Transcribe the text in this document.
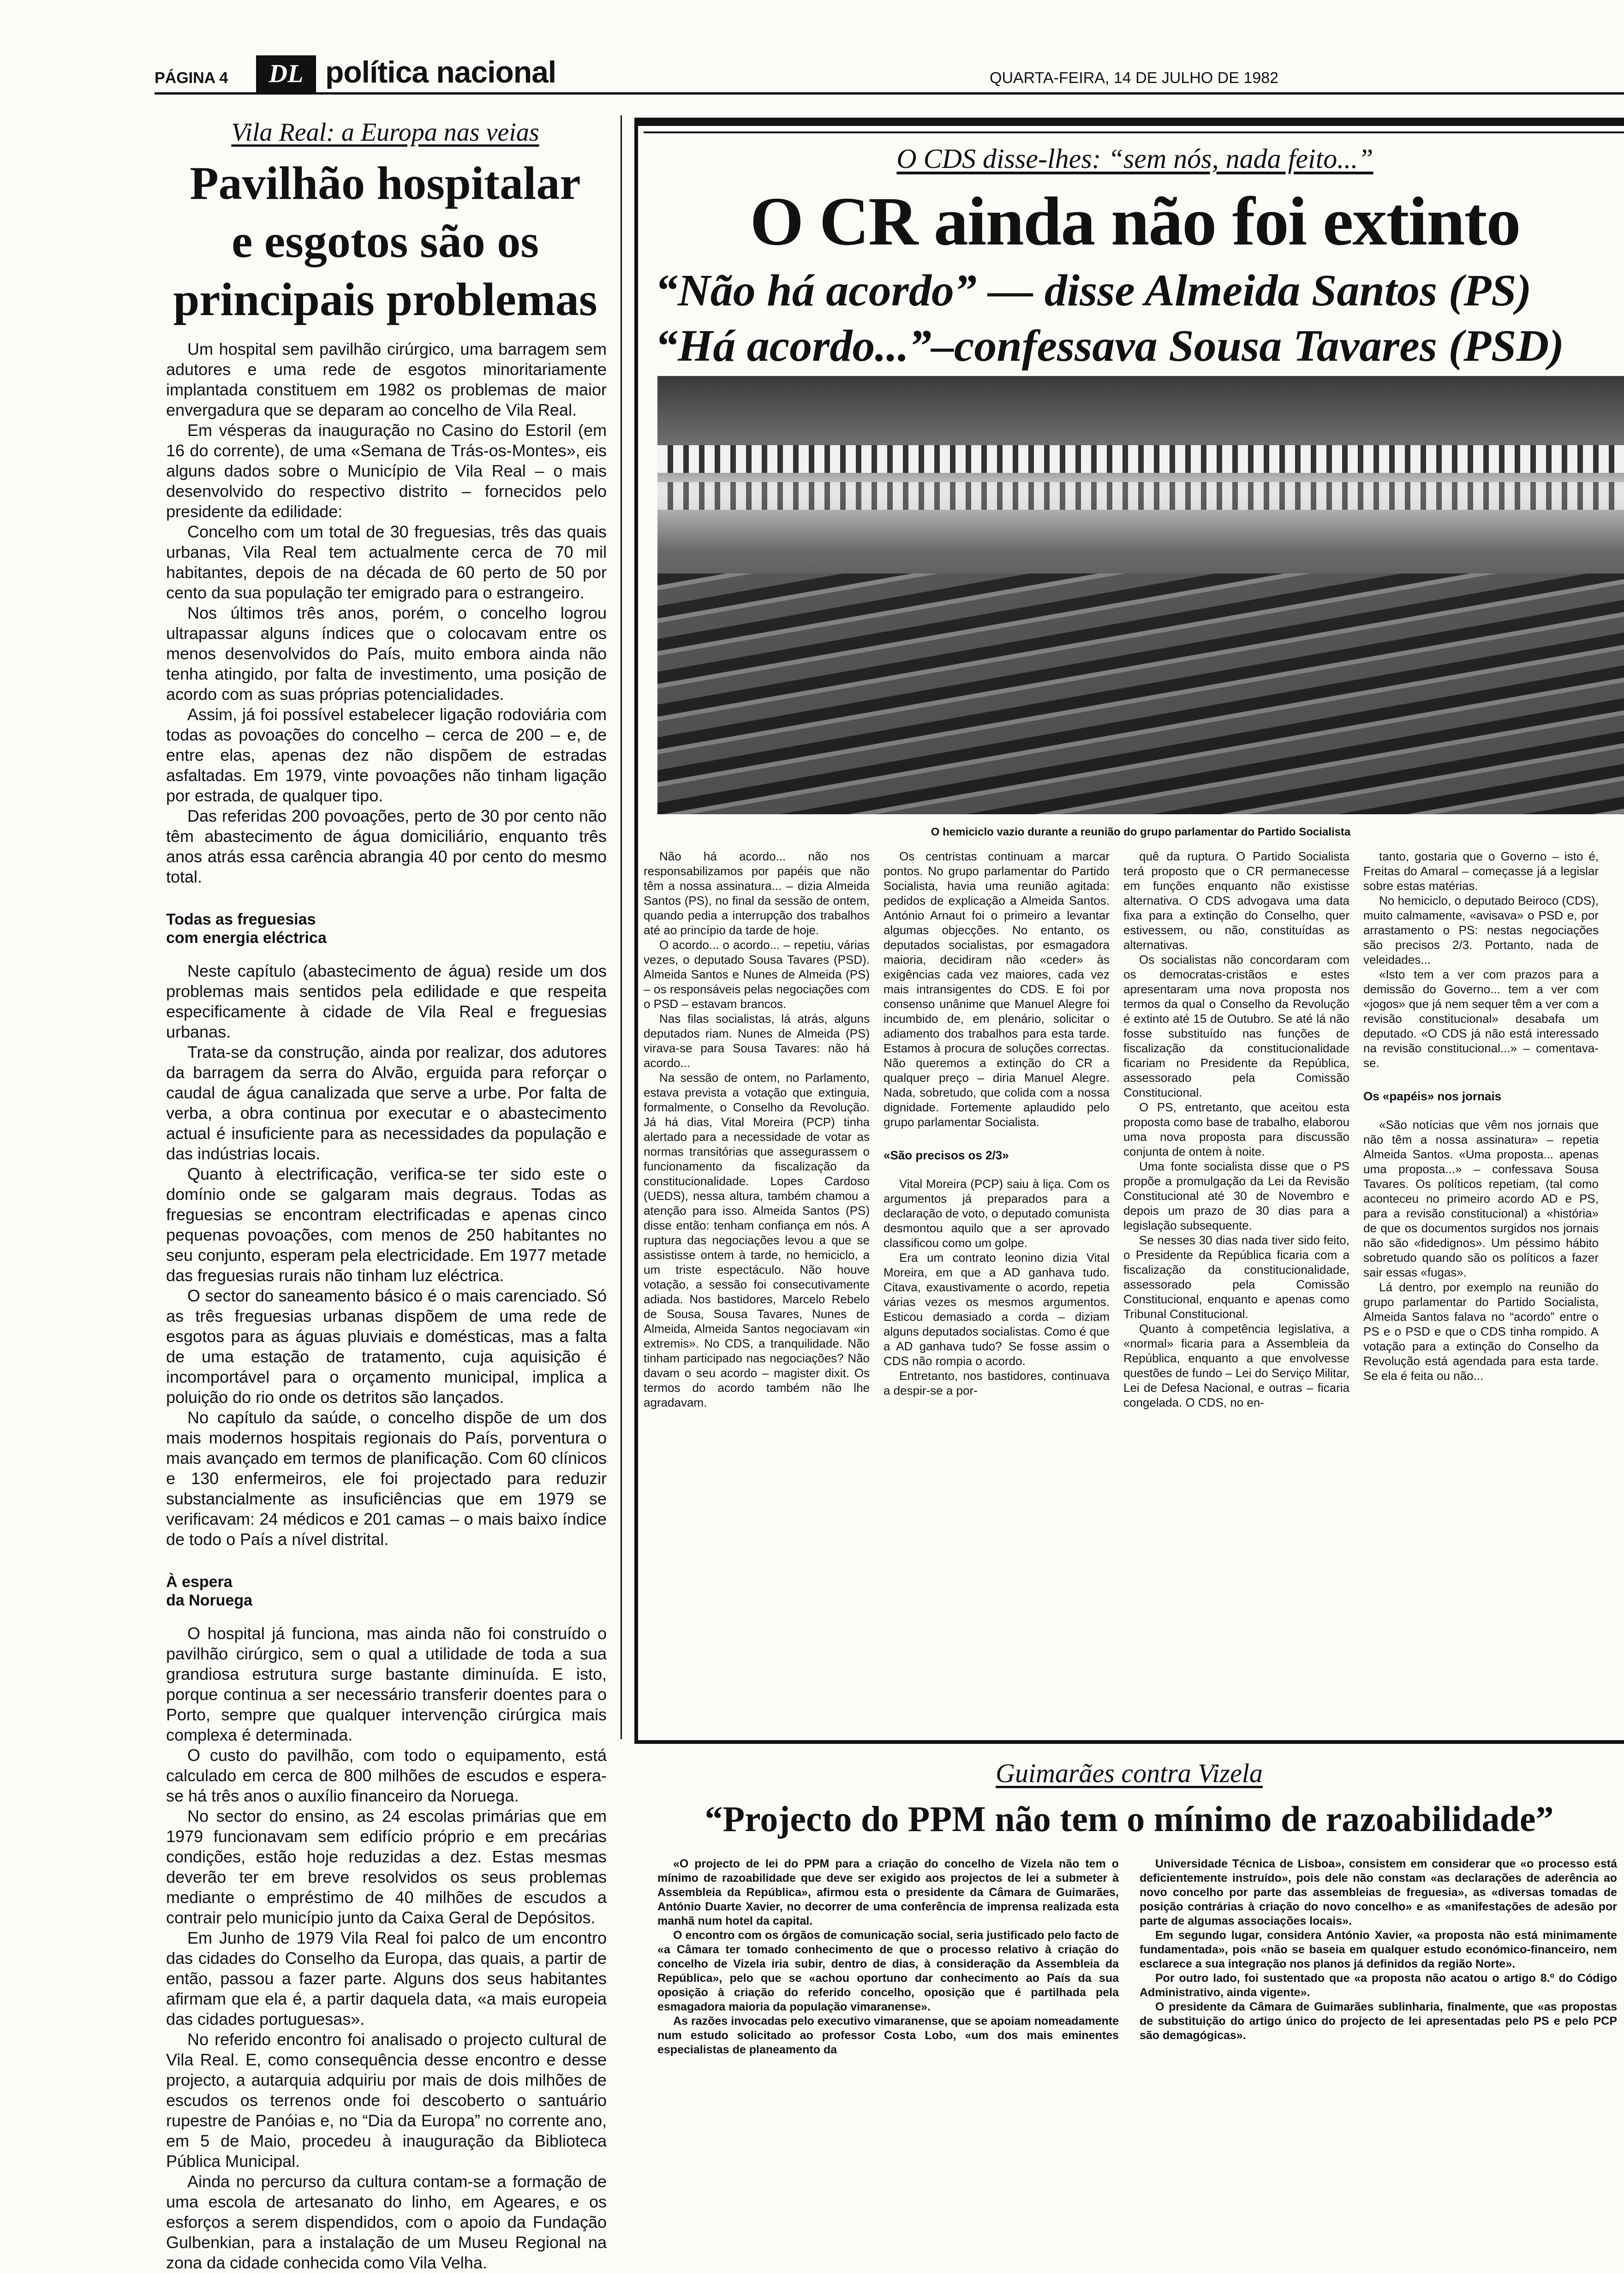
PÁGINA 4	DL política nacional	QUARTA-FEIRA, 14 DE JULHO DE 1982
Vila Real: a Europa nas veias
Pavilhão hospitalar
e esgotos são os
principais problemas

Um hospital sem pavilhão cirúrgico, uma barragem sem adutores e uma rede de esgotos minoritariamente implantada constituem em 1982 os problemas de maior envergadura que se deparam ao concelho de Vila Real.

Em vésperas da inauguração no Casino do Estoril (em 16 do corrente), de uma «Semana de Trás-os-Montes», eis alguns dados sobre o Município de Vila Real – o mais desenvolvido do respectivo distrito – fornecidos pelo presidente da edilidade:

Concelho com um total de 30 freguesias, três das quais urbanas, Vila Real tem actualmente cerca de 70 mil habitantes, depois de na década de 60 perto de 50 por cento da sua população ter emigrado para o estrangeiro.

Nos últimos três anos, porém, o concelho logrou ultrapassar alguns índices que o colocavam entre os menos desenvolvidos do País, muito embora ainda não tenha atingido, por falta de investimento, uma posição de acordo com as suas próprias potencialidades.

Assim, já foi possível estabelecer ligação rodoviária com todas as povoações do concelho – cerca de 200 – e, de entre elas, apenas dez não dispõem de estradas asfaltadas. Em 1979, vinte povoações não tinham ligação por estrada, de qualquer tipo.

Das referidas 200 povoações, perto de 30 por cento não têm abastecimento de água domiciliário, enquanto três anos atrás essa carência abrangia 40 por cento do mesmo total.

Todas as freguesias
com energia eléctrica

Neste capítulo (abastecimento de água) reside um dos problemas mais sentidos pela edilidade e que respeita especificamente à cidade de Vila Real e freguesias urbanas.

Trata-se da construção, ainda por realizar, dos adutores da barragem da serra do Alvão, erguida para reforçar o caudal de água canalizada que serve a urbe. Por falta de verba, a obra continua por executar e o abastecimento actual é insuficiente para as necessidades da população e das indústrias locais.

Quanto à electrificação, verifica-se ter sido este o domínio onde se galgaram mais degraus. Todas as freguesias se encontram electrificadas e apenas cinco pequenas povoações, com menos de 250 habitantes no seu conjunto, esperam pela electricidade. Em 1977 metade das freguesias rurais não tinham luz eléctrica.

O sector do saneamento básico é o mais carenciado. Só as três freguesias urbanas dispõem de uma rede de esgotos para as águas pluviais e domésticas, mas a falta de uma estação de tratamento, cuja aquisição é incomportável para o orçamento municipal, implica a poluição do rio onde os detritos são lançados.

No capítulo da saúde, o concelho dispõe de um dos mais modernos hospitais regionais do País, porventura o mais avançado em termos de planificação. Com 60 clínicos e 130 enfermeiros, ele foi projectado para reduzir substancialmente as insuficiências que em 1979 se verificavam: 24 médicos e 201 camas – o mais baixo índice de todo o País a nível distrital.

À espera
da Noruega

O hospital já funciona, mas ainda não foi construído o pavilhão cirúrgico, sem o qual a utilidade de toda a sua grandiosa estrutura surge bastante diminuída. E isto, porque continua a ser necessário transferir doentes para o Porto, sempre que qualquer intervenção cirúrgica mais complexa é determinada.

O custo do pavilhão, com todo o equipamento, está calculado em cerca de 800 milhões de escudos e espera-se há três anos o auxílio financeiro da Noruega.

No sector do ensino, as 24 escolas primárias que em 1979 funcionavam sem edifício próprio e em precárias condições, estão hoje reduzidas a dez. Estas mesmas deverão ter em breve resolvidos os seus problemas mediante o empréstimo de 40 milhões de escudos a contrair pelo município junto da Caixa Geral de Depósitos.

Em Junho de 1979 Vila Real foi palco de um encontro das cidades do Conselho da Europa, das quais, a partir de então, passou a fazer parte. Alguns dos seus habitantes afirmam que ela é, a partir daquela data, «a mais europeia das cidades portuguesas».

No referido encontro foi analisado o projecto cultural de Vila Real. E, como consequência desse encontro e desse projecto, a autarquia adquiriu por mais de dois milhões de escudos os terrenos onde foi descoberto o santuário rupestre de Panóias e, no “Dia da Europa” no corrente ano, em 5 de Maio, procedeu à inauguração da Biblioteca Pública Municipal.

Ainda no percurso da cultura contam-se a formação de uma escola de artesanato do linho, em Ageares, e os esforços a serem dispendidos, com o apoio da Fundação Gulbenkian, para a instalação de um Museu Regional na zona da cidade conhecida como Vila Velha.

O CDS disse-lhes: “sem nós, nada feito...”
O CR ainda não foi extinto
“Não há acordo” — disse Almeida Santos (PS)
“Há acordo...”–confessava Sousa Tavares (PSD)
O hemiciclo vazio durante a reunião do grupo parlamentar do Partido Socialista

Não há acordo... não nos responsabilizamos por papéis que não têm a nossa assinatura... – dizia Almeida Santos (PS), no final da sessão de ontem, quando pedia a interrupção dos trabalhos até ao princípio da tarde de hoje.

O acordo... o acordo... – repetiu, várias vezes, o deputado Sousa Tavares (PSD). Almeida Santos e Nunes de Almeida (PS) – os responsáveis pelas negociações com o PSD – estavam brancos.

Nas filas socialistas, lá atrás, alguns deputados riam. Nunes de Almeida (PS) virava-se para Sousa Tavares: não há acordo...

Na sessão de ontem, no Parlamento, estava prevista a votação que extinguia, formalmente, o Conselho da Revolução. Já há dias, Vital Moreira (PCP) tinha alertado para a necessidade de votar as normas transitórias que assegurassem o funcionamento da fiscalização da constitucionalidade. Lopes Cardoso (UEDS), nessa altura, também chamou a atenção para isso. Almeida Santos (PS) disse então: tenham confiança em nós. A ruptura das negociações levou a que se assistisse ontem à tarde, no hemiciclo, a um triste espectáculo. Não houve votação, a sessão foi consecutivamente adiada. Nos bastidores, Marcelo Rebelo de Sousa, Sousa Tavares, Nunes de Almeida, Almeida Santos negociavam «in extremis». No CDS, a tranquilidade. Não tinham participado nas negociações? Não davam o seu acordo – magister dixit. Os termos do acordo também não lhe agradavam.

Os centristas continuam a marcar pontos. No grupo parlamentar do Partido Socialista, havia uma reunião agitada: pedidos de explicação a Almeida Santos. António Arnaut foi o primeiro a levantar algumas objecções. No entanto, os deputados socialistas, por esmagadora maioria, decidiram não «ceder» às exigências cada vez maiores, cada vez mais intransigentes do CDS. E foi por consenso unânime que Manuel Alegre foi incumbido de, em plenário, solicitar o adiamento dos trabalhos para esta tarde. Estamos à procura de soluções correctas. Não queremos a extinção do CR a qualquer preço – diria Manuel Alegre. Nada, sobretudo, que colida com a nossa dignidade. Fortemente aplaudido pelo grupo parlamentar Socialista.

«São precisos os 2/3»

Vital Moreira (PCP) saiu à liça. Com os argumentos já preparados para a declaração de voto, o deputado comunista desmontou aquilo que a ser aprovado classificou como um golpe.

Era um contrato leonino dizia Vital Moreira, em que a AD ganhava tudo. Citava, exaustivamente o acordo, repetia várias vezes os mesmos argumentos. Esticou demasiado a corda – diziam alguns deputados socialistas. Como é que a AD ganhava tudo? Se fosse assim o CDS não rompia o acordo.

Entretanto, nos bastidores, continuava a despir-se a por-

quê da ruptura. O Partido Socialista terá proposto que o CR permanecesse em funções enquanto não existisse alternativa. O CDS advogava uma data fixa para a extinção do Conselho, quer estivessem, ou não, constituídas as alternativas.

Os socialistas não concordaram com os democratas-cristãos e estes apresentaram uma nova proposta nos termos da qual o Conselho da Revolução é extinto até 15 de Outubro. Se até lá não fosse substituído nas funções de fiscalização da constitucionalidade ficariam no Presidente da República, assessorado pela Comissão Constitucional.

O PS, entretanto, que aceitou esta proposta como base de trabalho, elaborou uma nova proposta para discussão conjunta de ontem à noite.

Uma fonte socialista disse que o PS propõe a promulgação da Lei da Revisão Constitucional até 30 de Novembro e depois um prazo de 30 dias para a legislação subsequente.

Se nesses 30 dias nada tiver sido feito, o Presidente da República ficaria com a fiscalização da constitucionalidade, assessorado pela Comissão Constitucional, enquanto e apenas como Tribunal Constitucional.

Quanto à competência legislativa, a «normal» ficaria para a Assembleia da República, enquanto a que envolvesse questões de fundo – Lei do Serviço Militar, Lei de Defesa Nacional, e outras – ficaria congelada. O CDS, no en-

tanto, gostaria que o Governo – isto é, Freitas do Amaral – começasse já a legislar sobre estas matérias.

No hemiciclo, o deputado Beiroco (CDS), muito calmamente, «avisava» o PSD e, por arrastamento o PS: nestas negociações são precisos 2/3. Portanto, nada de veleidades...

«Isto tem a ver com prazos para a demissão do Governo... tem a ver com «jogos» que já nem sequer têm a ver com a revisão constitucional» desabafa um deputado. «O CDS já não está interessado na revisão constitucional...» – comentava-se.

Os «papéis» nos jornais

«São notícias que vêm nos jornais que não têm a nossa assinatura» – repetia Almeida Santos. «Uma proposta... apenas uma proposta...» – confessava Sousa Tavares. Os políticos repetiam, (tal como aconteceu no primeiro acordo AD e PS, para a revisão constitucional) a «história» de que os documentos surgidos nos jornais não são «fidedignos». Um péssimo hábito sobretudo quando são os políticos a fazer sair essas «fugas».

Lá dentro, por exemplo na reunião do grupo parlamentar do Partido Socialista, Almeida Santos falava no “acordo” entre o PS e o PSD e que o CDS tinha rompido. A votação para a extinção do Conselho da Revolução está agendada para esta tarde. Se ela é feita ou não...

Guimarães contra Vizela
“Projecto do PPM não tem o mínimo de razoabilidade”

«O projecto de lei do PPM para a criação do concelho de Vizela não tem o mínimo de razoabilidade que deve ser exigido aos projectos de lei a submeter à Assembleia da República», afirmou esta o presidente da Câmara de Guimarães, António Duarte Xavier, no decorrer de uma conferência de imprensa realizada esta manhã num hotel da capital.

O encontro com os órgãos de comunicação social, seria justificado pelo facto de «a Câmara ter tomado conhecimento de que o processo relativo à criação do concelho de Vizela iria subir, dentro de dias, à consideração da Assembleia da República», pelo que se «achou oportuno dar conhecimento ao País da sua oposição à criação do referido concelho, oposição que é partilhada pela esmagadora maioria da população vimaranense».

As razões invocadas pelo executivo vimaranense, que se apoiam nomeadamente num estudo solicitado ao professor Costa Lobo, «um dos mais eminentes especialistas de planeamento da

Universidade Técnica de Lisboa», consistem em considerar que «o processo está deficientemente instruído», pois dele não constam «as declarações de aderência ao novo concelho por parte das assembleias de freguesia», as «diversas tomadas de posição contrárias à criação do novo concelho» e as «manifestações de adesão por parte de algumas associações locais».

Em segundo lugar, considera António Xavier, «a proposta não está minimamente fundamentada», pois «não se baseia em qualquer estudo económico-financeiro, nem esclarece a sua integração nos planos já definidos da região Norte».

Por outro lado, foi sustentado que «a proposta não acatou o artigo 8.º do Código Administrativo, ainda vigente».

O presidente da Câmara de Guimarães sublinharia, finalmente, que «as propostas de substituição do artigo único do projecto de lei apresentadas pelo PS e pelo PCP são demagógicas».
